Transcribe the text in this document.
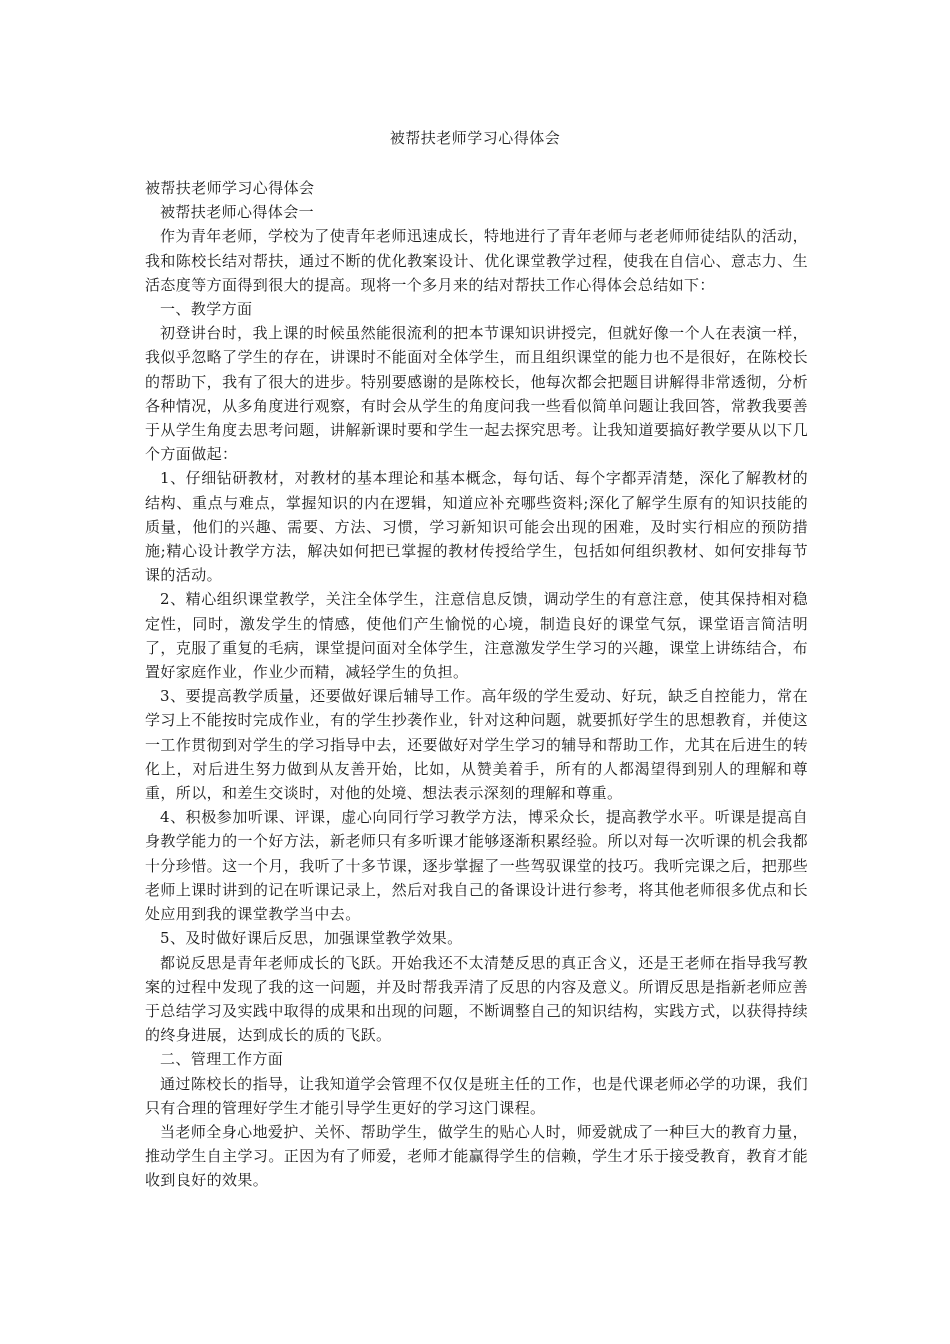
被帮扶老师学习心得体会

被帮扶老师学习心得体会

被帮扶老师心得体会一

作为青年老师，学校为了使青年老师迅速成长，特地进行了青年老师与老老师师徒结队的活动，我和陈校长结对帮扶，通过不断的优化教案设计、优化课堂教学过程，使我在自信心、意志力、生活态度等方面得到很大的提高。现将一个多月来的结对帮扶工作心得体会总结如下：

一、教学方面

初登讲台时，我上课的时候虽然能很流利的把本节课知识讲授完，但就好像一个人在表演一样，我似乎忽略了学生的存在，讲课时不能面对全体学生，而且组织课堂的能力也不是很好，在陈校长的帮助下，我有了很大的进步。特别要感谢的是陈校长，他每次都会把题目讲解得非常透彻，分析各种情况，从多角度进行观察，有时会从学生的角度问我一些看似简单问题让我回答，常教我要善于从学生角度去思考问题，讲解新课时要和学生一起去探究思考。让我知道要搞好教学要从以下几个方面做起：

1、仔细钻研教材，对教材的基本理论和基本概念，每句话、每个字都弄清楚，深化了解教材的结构、重点与难点，掌握知识的内在逻辑，知道应补充哪些资料;深化了解学生原有的知识技能的质量，他们的兴趣、需要、方法、习惯，学习新知识可能会出现的困难，及时实行相应的预防措施;精心设计教学方法，解决如何把已掌握的教材传授给学生，包括如何组织教材、如何安排每节课的活动。

2、精心组织课堂教学，关注全体学生，注意信息反馈，调动学生的有意注意，使其保持相对稳定性，同时，激发学生的情感，使他们产生愉悦的心境，制造良好的课堂气氛，课堂语言简洁明了，克服了重复的毛病，课堂提问面对全体学生，注意激发学生学习的兴趣，课堂上讲练结合，布置好家庭作业，作业少而精，减轻学生的负担。

3、要提高教学质量，还要做好课后辅导工作。高年级的学生爱动、好玩，缺乏自控能力，常在学习上不能按时完成作业，有的学生抄袭作业，针对这种问题，就要抓好学生的思想教育，并使这一工作贯彻到对学生的学习指导中去，还要做好对学生学习的辅导和帮助工作，尤其在后进生的转化上，对后进生努力做到从友善开始，比如，从赞美着手，所有的人都渴望得到别人的理解和尊重，所以，和差生交谈时，对他的处境、想法表示深刻的理解和尊重。

4、积极参加听课、评课，虚心向同行学习教学方法，博采众长，提高教学水平。听课是提高自身教学能力的一个好方法，新老师只有多听课才能够逐渐积累经验。所以对每一次听课的机会我都十分珍惜。这一个月，我听了十多节课，逐步掌握了一些驾驭课堂的技巧。我听完课之后，把那些老师上课时讲到的记在听课记录上，然后对我自己的备课设计进行参考，将其他老师很多优点和长处应用到我的课堂教学当中去。

5、及时做好课后反思，加强课堂教学效果。

都说反思是青年老师成长的飞跃。开始我还不太清楚反思的真正含义，还是王老师在指导我写教案的过程中发现了我的这一问题，并及时帮我弄清了反思的内容及意义。所谓反思是指新老师应善于总结学习及实践中取得的成果和出现的问题，不断调整自己的知识结构，实践方式，以获得持续的终身进展，达到成长的质的飞跃。

二、管理工作方面

通过陈校长的指导，让我知道学会管理不仅仅是班主任的工作，也是代课老师必学的功课，我们只有合理的管理好学生才能引导学生更好的学习这门课程。

当老师全身心地爱护、关怀、帮助学生，做学生的贴心人时，师爱就成了一种巨大的教育力量，推动学生自主学习。正因为有了师爱，老师才能赢得学生的信赖，学生才乐于接受教育，教育才能收到良好的效果。
